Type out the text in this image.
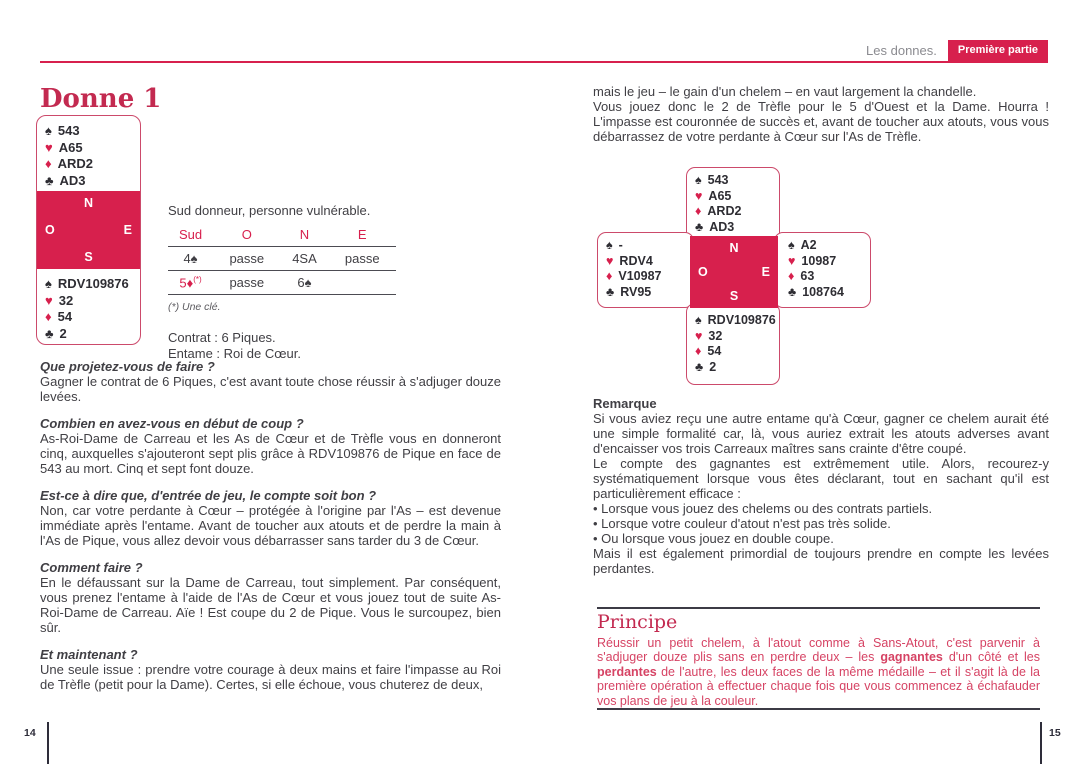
Les donnes.	Première partie
Donne 1
♠ 543
♥ A65
♦ ARD2
♣ AD3
N
O	E
S
♠ RDV109876
♥ 32
♦ 54
♣ 2
Sud donneur, personne vulnérable.
Sud	O	N	E
4♠	passe	4SA	passe
5♦(*)	passe	6♠	
(*) Une clé.
Contrat : 6 Piques.
Entame : Roi de Cœur.
Que projetez-vous de faire ?
Gagner le contrat de 6 Piques, c'est avant toute chose réussir à s'adjuger douze levées.
Combien en avez-vous en début de coup ?
As-Roi-Dame de Carreau et les As de Cœur et de Trèfle vous en donneront cinq, auxquelles s'ajouteront sept plis grâce à RDV109876 de Pique en face de 543 au mort. Cinq et sept font douze.
Est-ce à dire que, d'entrée de jeu, le compte soit bon ?
Non, car votre perdante à Cœur – protégée à l'origine par l'As – est devenue immédiate après l'entame. Avant de toucher aux atouts et de perdre la main à l'As de Pique, vous allez devoir vous débarrasser sans tarder du 3 de Cœur.
Comment faire ?
En le défaussant sur la Dame de Carreau, tout simplement. Par conséquent, vous prenez l'entame à l'aide de l'As de Cœur et vous jouez tout de suite As-Roi-Dame de Carreau. Aïe ! Est coupe du 2 de Pique. Vous le surcoupez, bien sûr.
Et maintenant ?
Une seule issue : prendre votre courage à deux mains et faire l'impasse au Roi de Trèfle (petit pour la Dame). Certes, si elle échoue, vous chuterez de deux,
mais le jeu – le gain d'un chelem – en vaut largement la chandelle.
Vous jouez donc le 2 de Trèfle pour le 5 d'Ouest et la Dame. Hourra ! L'impasse est couronnée de succès et, avant de toucher aux atouts, vous vous débarrassez de votre perdante à Cœur sur l'As de Trèfle.
♠ 543
♥ A65
♦ ARD2
♣ AD3
♠ -
♥ RDV4
♦ V10987
♣ RV95
♠ A2
♥ 10987
♦ 63
♣ 108764
♠ RDV109876
♥ 32
♦ 54
♣ 2
N
O	E
S
Remarque
Si vous aviez reçu une autre entame qu'à Cœur, gagner ce chelem aurait été une simple formalité car, là, vous auriez extrait les atouts adverses avant d'encaisser vos trois Carreaux maîtres sans crainte d'être coupé.
Le compte des gagnantes est extrêmement utile. Alors, recourez-y systématiquement lorsque vous êtes déclarant, tout en sachant qu'il est particulièrement efficace :
• Lorsque vous jouez des chelems ou des contrats partiels.
• Lorsque votre couleur d'atout n'est pas très solide.
• Ou lorsque vous jouez en double coupe.
Mais il est également primordial de toujours prendre en compte les levées perdantes.
Principe
Réussir un petit chelem, à l'atout comme à Sans-Atout, c'est parvenir à s'adjuger douze plis sans en perdre deux – les gagnantes d'un côté et les perdantes de l'autre, les deux faces de la même médaille – et il s'agit là de la première opération à effectuer chaque fois que vous commencez à échafauder vos plans de jeu à la couleur.
14	15
